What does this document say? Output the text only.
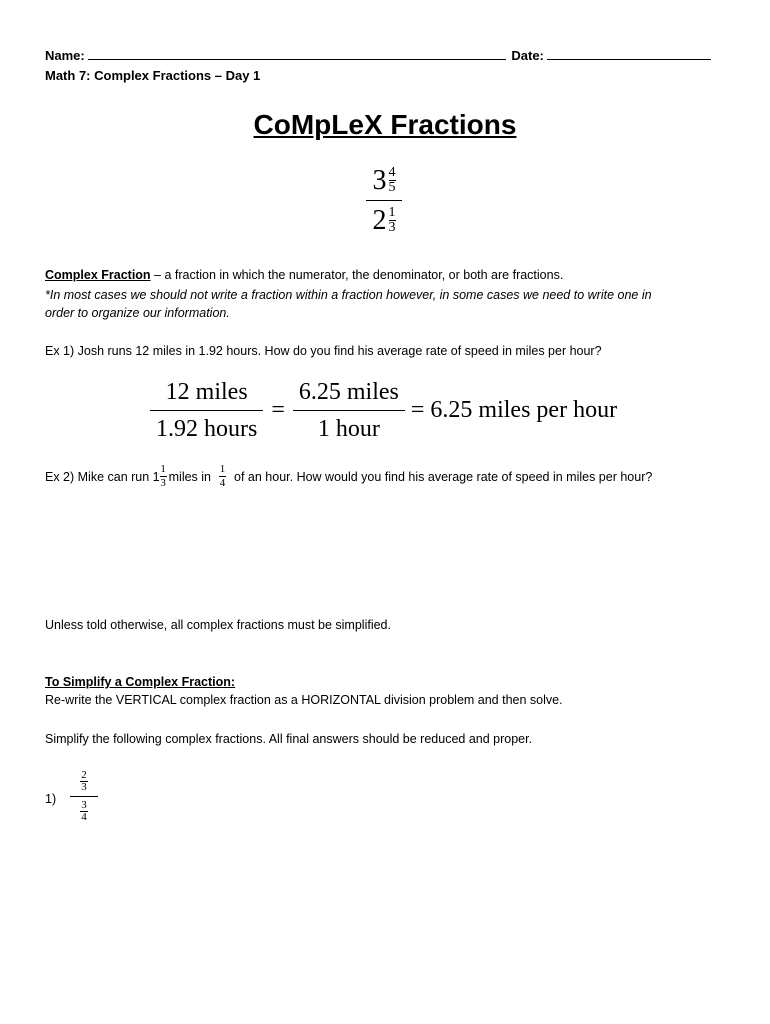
Name:	Date:
Math 7: Complex Fractions – Day 1
CoMpLeX Fractions
$\frac{3 \frac{4}{5}}{2 \frac{1}{3}}$
Complex Fraction – a fraction in which the numerator, the denominator, or both are fractions.
*In most cases we should not write a fraction within a fraction however, in some cases we need to write one in
order to organize our information.
Ex 1) Josh runs 12 miles in 1.92 hours. How do you find his average rate of speed in miles per hour?
$\frac{\text{12 miles}}{\text{1.92 hours}} = \frac{\text{6.25 miles}}{\text{1 hour}} = 6.25$ miles per hour
Ex 2) Mike can run $1 \frac{1}{3}$ miles in $\frac{1}{4}$ of an hour. How would you find his average rate of speed in miles per hour?
Unless told otherwise, all complex fractions must be simplified.
To Simplify a Complex Fraction:
Re-write the VERTICAL complex fraction as a HORIZONTAL division problem and then solve.
Simplify the following complex fractions. All final answers should be reduced and proper.
$1) \frac{\frac{2}{3}}{\frac{3}{4}}$
